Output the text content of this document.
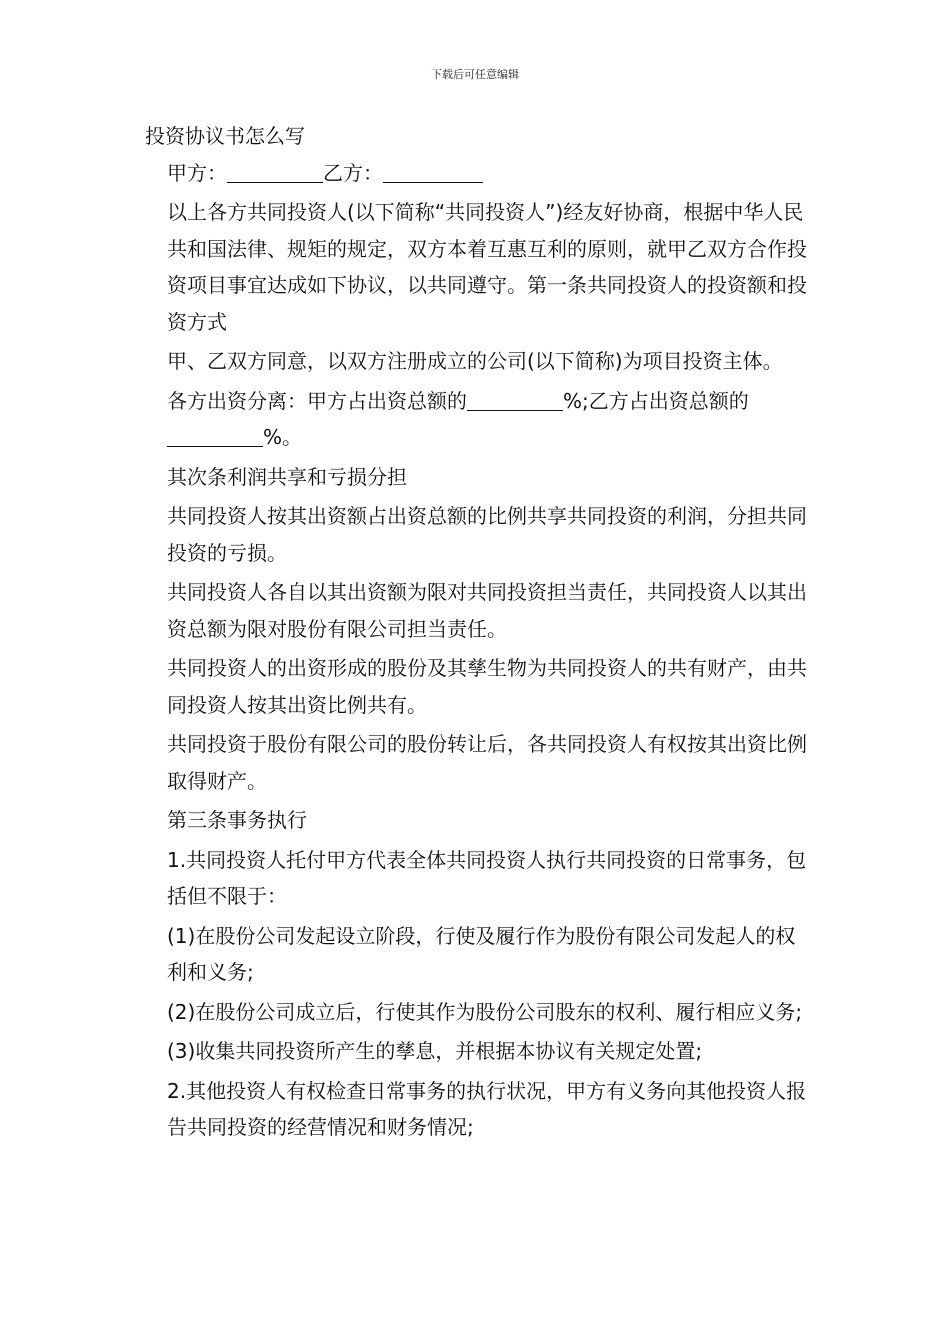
下载后可任意编辑

投资协议书怎么写

甲方：	乙方：

以上各方共同投资人(以下简称“共同投资人”)经友好协商，根据中华人民共和国法律、规矩的规定，双方本着互惠互利的原则，就甲乙双方合作投资项目事宜达成如下协议，以共同遵守。第一条共同投资人的投资额和投资方式

甲、乙双方同意，以双方注册成立的公司(以下简称)为项目投资主体。

各方出资分离：甲方占出资总额的	%;乙方占出资总额的%。

其次条利润共享和亏损分担

共同投资人按其出资额占出资总额的比例共享共同投资的利润，分担共同投资的亏损。

共同投资人各自以其出资额为限对共同投资担当责任，共同投资人以其出资总额为限对股份有限公司担当责任。

共同投资人的出资形成的股份及其孳生物为共同投资人的共有财产，由共同投资人按其出资比例共有。

共同投资于股份有限公司的股份转让后，各共同投资人有权按其出资比例取得财产。

第三条事务执行

1.共同投资人托付甲方代表全体共同投资人执行共同投资的日常事务，包括但不限于：

(1)在股份公司发起设立阶段，行使及履行作为股份有限公司发起人的权利和义务;

(2)在股份公司成立后，行使其作为股份公司股东的权利、履行相应义务;

(3)收集共同投资所产生的孳息，并根据本协议有关规定处置;

2.其他投资人有权检查日常事务的执行状况，甲方有义务向其他投资人报告共同投资的经营情况和财务情况;
